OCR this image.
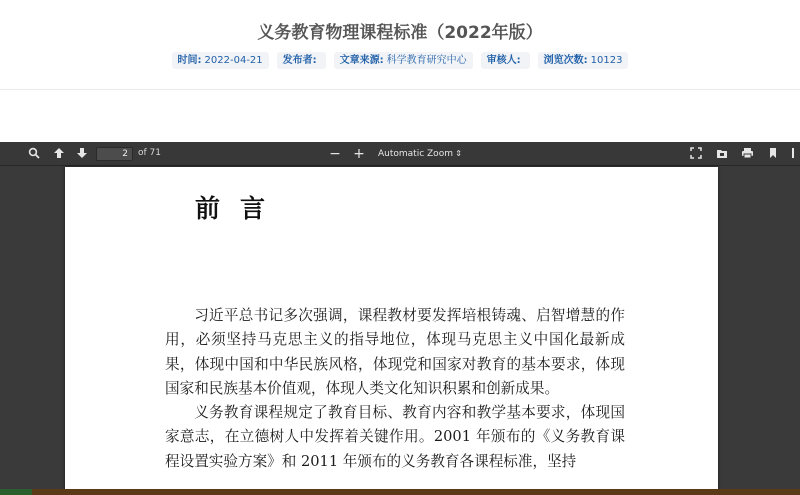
义务教育物理课程标准（2022年版）
时间: 2022-04-21	发布者:	文章来源: 科学教育研究中心	审核人:	浏览次数: 10123
2
of 71	− +	Automatic Zoom ⇕
前言

习近平总书记多次强调，课程教材要发挥培根铸魂、启智增慧的作用，必须坚持马克思主义的指导地位，体现马克思主义中国化最新成果，体现中国和中华民族风格，体现党和国家对教育的基本要求，体现国家和民族基本价值观，体现人类文化知识积累和创新成果。

义务教育课程规定了教育目标、教育内容和教学基本要求，体现国家意志，在立德树人中发挥着关键作用。2001 年颁布的《义务教育课程设置实验方案》和 2011 年颁布的义务教育各课程标准，坚持
